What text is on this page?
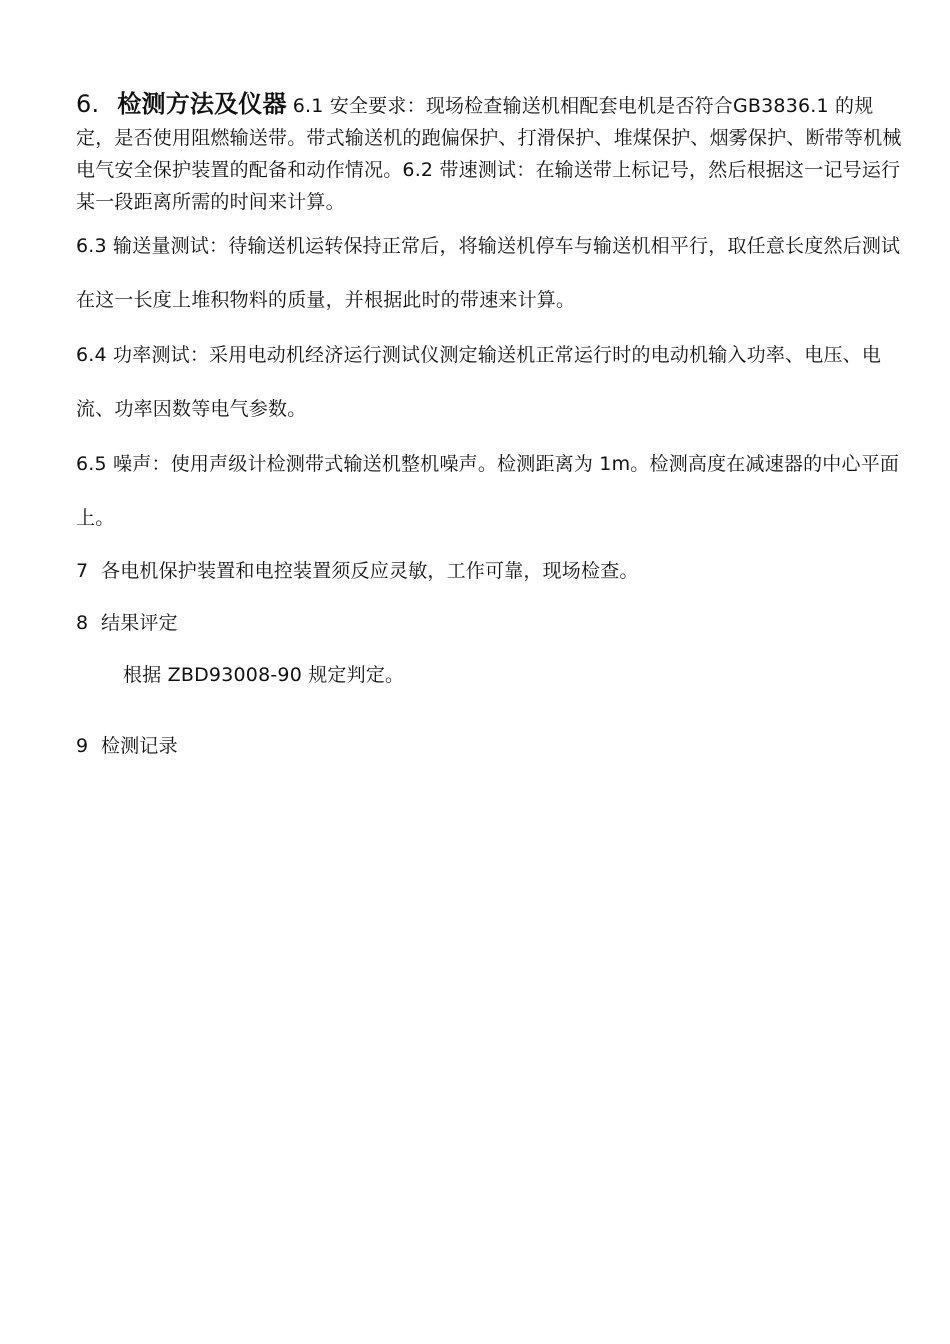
6. 检测方法及仪器 6.1 安全要求：现场检查输送机相配套电机是否符合GB3836.1 的规定，是否使用阻燃输送带。带式输送机的跑偏保护、打滑保护、堆煤保护、烟雾保护、断带等机械电气安全保护装置的配备和动作情况。6.2 带速测试：在输送带上标记号，然后根据这一记号运行某一段距离所需的时间来计算。

6.3 输送量测试：待输送机运转保持正常后，将输送机停车与输送机相平行，取任意长度然后测试在这一长度上堆积物料的质量，并根据此时的带速来计算。

6.4 功率测试：采用电动机经济运行测试仪测定输送机正常运行时的电动机输入功率、电压、电流、功率因数等电气参数。

6.5 噪声：使用声级计检测带式输送机整机噪声。检测距离为 1m。检测高度在减速器的中心平面上。

7 各电机保护装置和电控装置须反应灵敏，工作可靠，现场检查。

8 结果评定

根据 ZBD93008-90 规定判定。

9 检测记录
